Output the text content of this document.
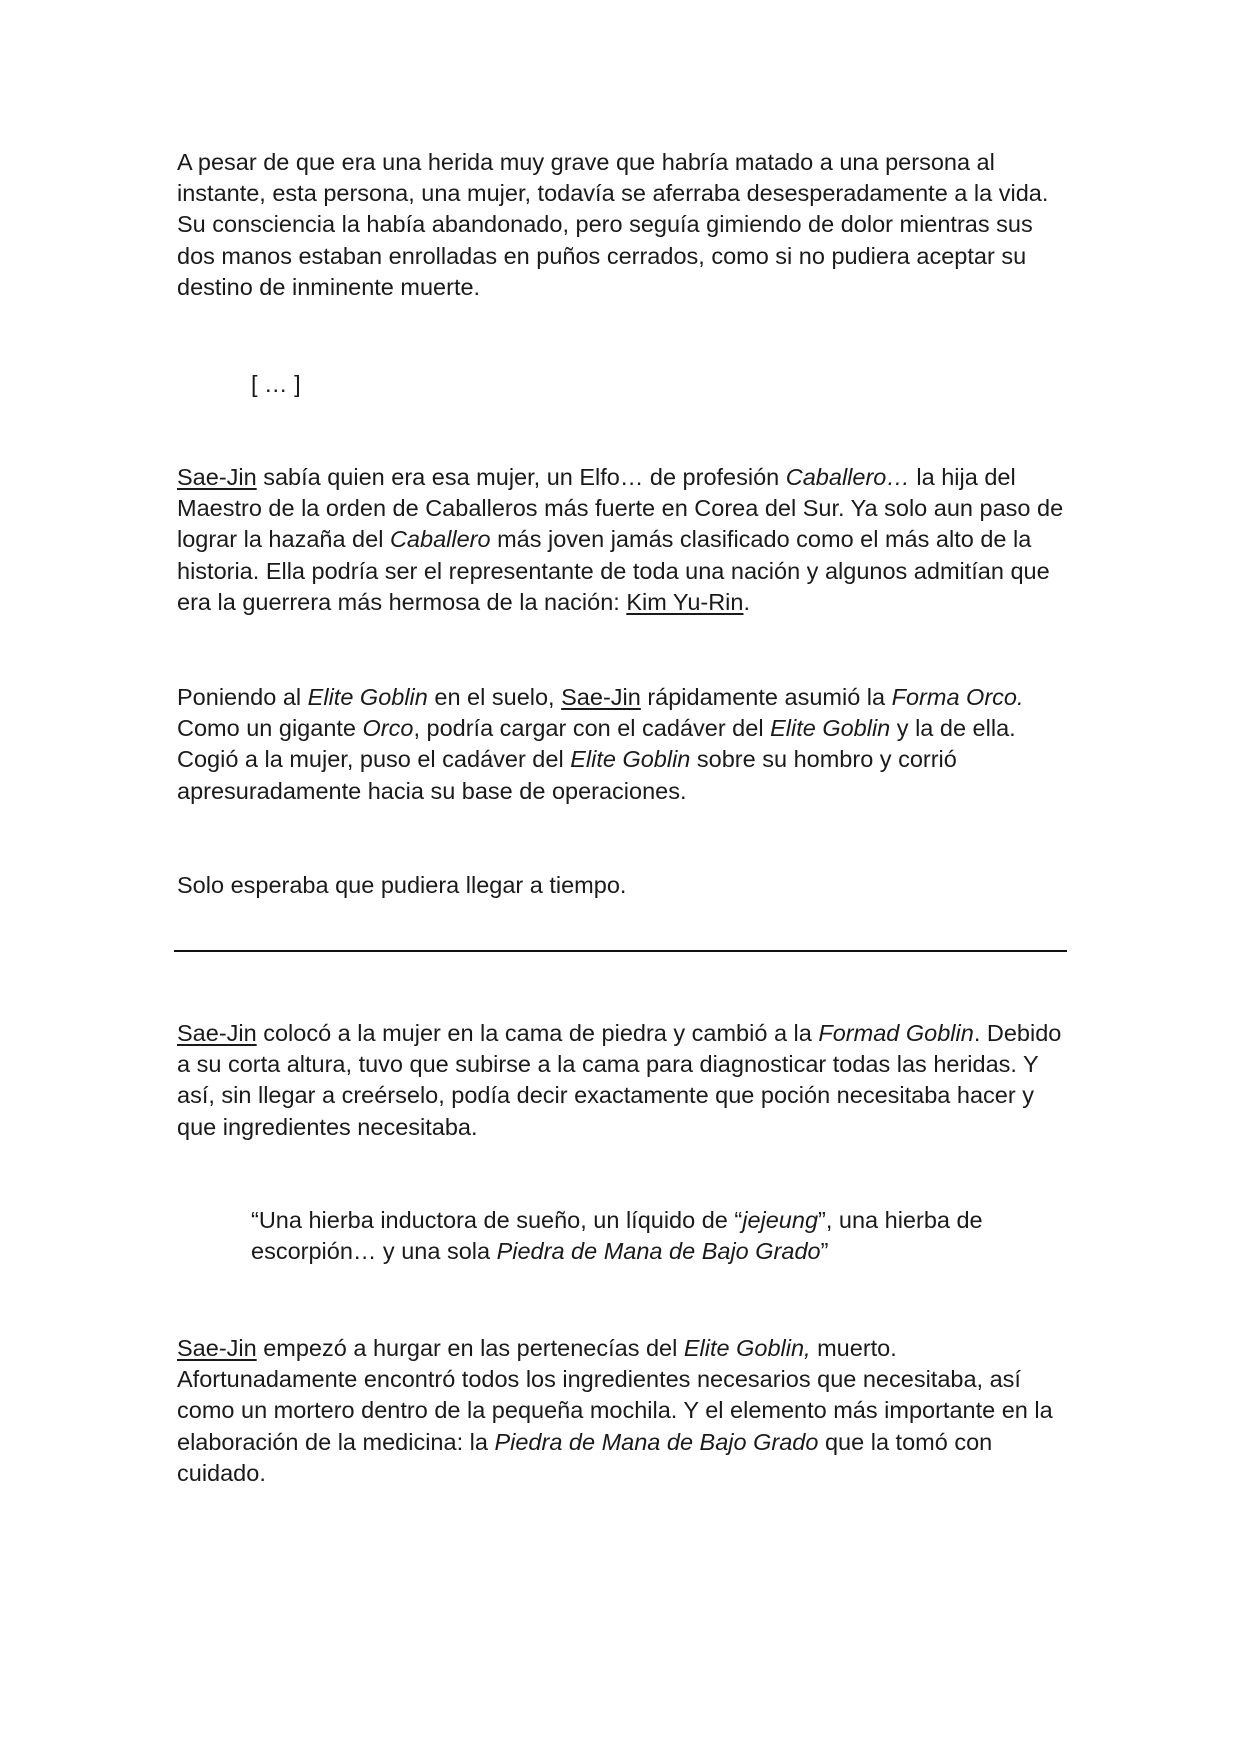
A pesar de que era una herida muy grave que habría matado a una persona al instante, esta persona, una mujer, todavía se aferraba desesperadamente a la vida. Su consciencia la había abandonado, pero seguía gimiendo de dolor mientras sus dos manos estaban enrolladas en puños cerrados, como si no pudiera aceptar su destino de inminente muerte.

[ … ]

Sae-Jin sabía quien era esa mujer, un Elfo… de profesión Caballero… la hija del Maestro de la orden de Caballeros más fuerte en Corea del Sur. Ya solo aun paso de lograr la hazaña del Caballero más joven jamás clasificado como el más alto de la historia. Ella podría ser el representante de toda una nación y algunos admitían que era la guerrera más hermosa de la nación: Kim Yu-Rin.

Poniendo al Elite Goblin en el suelo, Sae-Jin rápidamente asumió la Forma Orco. Como un gigante Orco, podría cargar con el cadáver del Elite Goblin y la de ella. Cogió a la mujer, puso el cadáver del Elite Goblin sobre su hombro y corrió apresuradamente hacia su base de operaciones.

Solo esperaba que pudiera llegar a tiempo.

Sae-Jin colocó a la mujer en la cama de piedra y cambió a la Formad Goblin. Debido a su corta altura, tuvo que subirse a la cama para diagnosticar todas las heridas. Y así, sin llegar a creérselo, podía decir exactamente que poción necesitaba hacer y que ingredientes necesitaba.

“Una hierba inductora de sueño, un líquido de “jejeung”, una hierba de escorpión… y una sola Piedra de Mana de Bajo Grado”

Sae-Jin empezó a hurgar en las pertenecías del Elite Goblin, muerto. Afortunadamente encontró todos los ingredientes necesarios que necesitaba, así como un mortero dentro de la pequeña mochila. Y el elemento más importante en la elaboración de la medicina: la Piedra de Mana de Bajo Grado que la tomó con cuidado.
